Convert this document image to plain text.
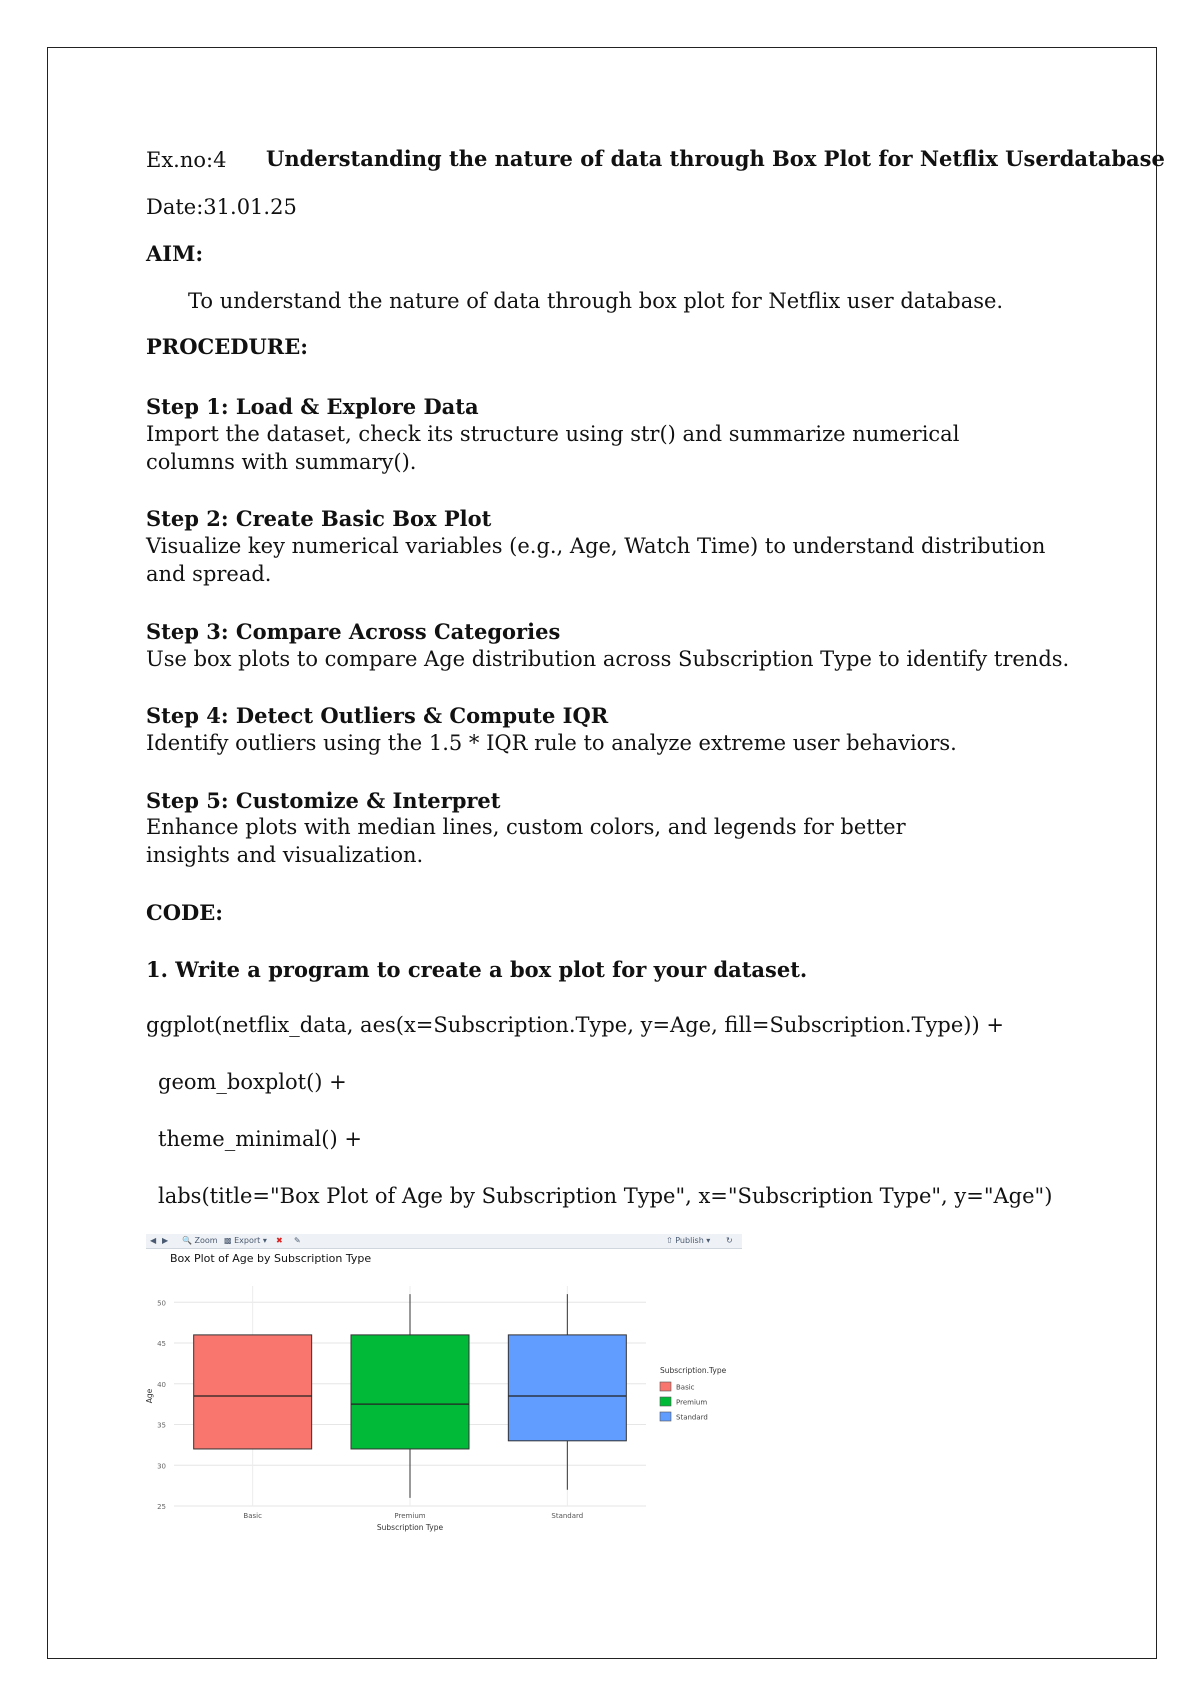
Ex.no:4 Understanding the nature of data through Box Plot for Netflix Userdatabase
Date:31.01.25
AIM:
To understand the nature of data through box plot for Netflix user database.
PROCEDURE:
Step 1: Load & Explore Data
Import the dataset, check its structure using str() and summarize numerical columns with summary().
Step 2: Create Basic Box Plot
Visualize key numerical variables (e.g., Age, Watch Time) to understand distribution and spread.
Step 3: Compare Across Categories
Use box plots to compare Age distribution across Subscription Type to identify trends.
Step 4: Detect Outliers & Compute IQR
Identify outliers using the 1.5 * IQR rule to analyze extreme user behaviors.
Step 5: Customize & Interpret
Enhance plots with median lines, custom colors, and legends for better insights and visualization.
CODE:
1. Write a program to create a box plot for your dataset.
ggplot(netflix_data, aes(x=Subscription.Type, y=Age, fill=Subscription.Type)) +
geom_boxplot() +
theme_minimal() +
labs(title="Box Plot of Age by Subscription Type", x="Subscription Type", y="Age")
◀ ▶ 🔍 Zoom ▩ Export ▾ ✖ ✎	⇧ Publish ▾ ↻
Box Plot of Age by Subscription Type
25
30
35
40
45
50
Basic	Premium	Standard
Subscription Type
Age
Subscription.Type
Basic
Premium
Standard
